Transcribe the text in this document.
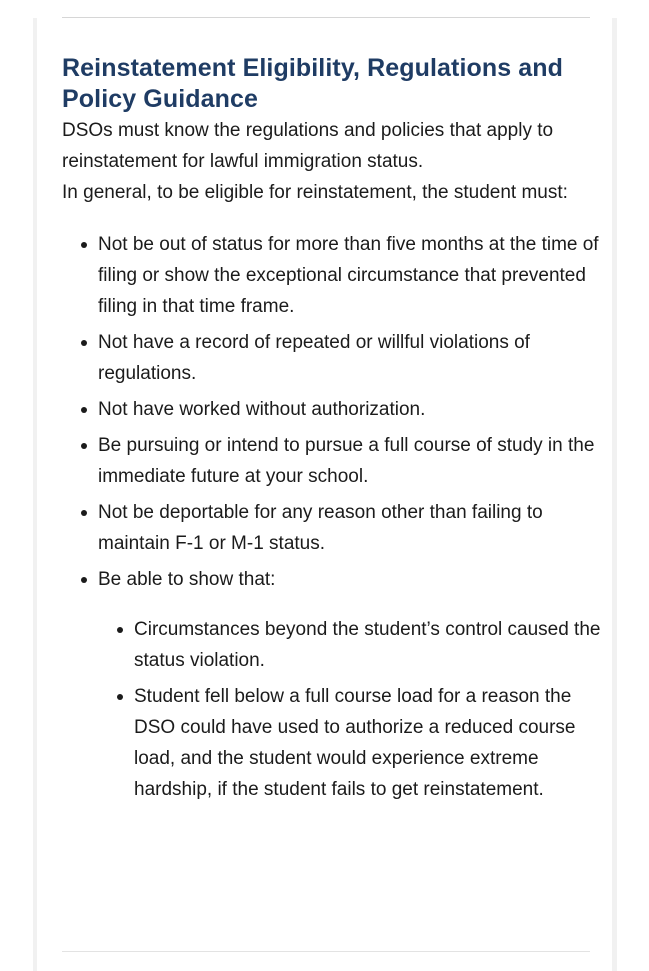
Reinstatement Eligibility, Regulations and Policy Guidance

DSOs must know the regulations and policies that apply to reinstatement for lawful immigration status.

In general, to be eligible for reinstatement, the student must:

Not be out of status for more than five months at the time of filing or show the exceptional circumstance that prevented filing in that time frame.
Not have a record of repeated or willful violations of regulations.
Not have worked without authorization.
Be pursuing or intend to pursue a full course of study in the immediate future at your school.
Not be deportable for any reason other than failing to maintain F-1 or M-1 status.
Be able to show that:
Circumstances beyond the student’s control caused the status violation.
Student fell below a full course load for a reason the DSO could have used to authorize a reduced course load, and the student would experience extreme hardship, if the student fails to get reinstatement.
